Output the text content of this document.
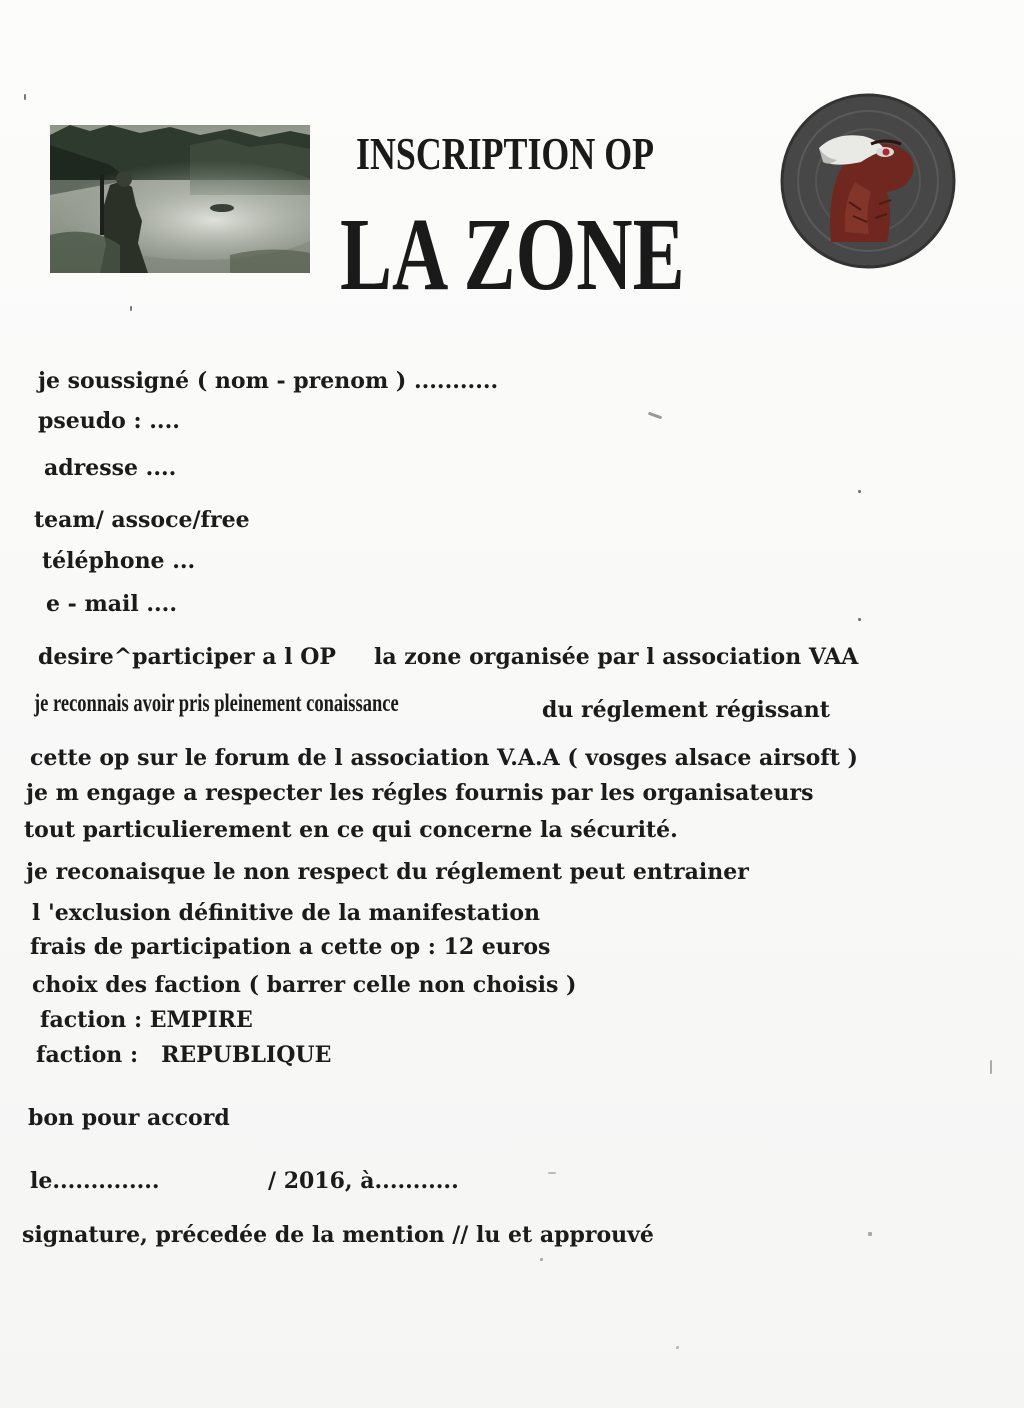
INSCRIPTION OP
LA ZONE
je soussigné ( nom - prenom ) ...........
pseudo : ....
adresse ....
team/ assoce/free
téléphone ...
e - mail ....
desire^participer a l OP la zone organisée par l association VAA
je reconnais avoir pris pleinement conaissance	du réglement régissant
cette op sur le forum de l association V.A.A ( vosges alsace airsoft )
je m engage a respecter les régles fournis par les organisateurs
tout particulierement en ce qui concerne la sécurité.
je reconaisque le non respect du réglement peut entrainer
l 'exclusion définitive de la manifestation
frais de participation a cette op : 12 euros
choix des faction ( barrer celle non choisis )
faction : EMPIRE
faction : REPUBLIQUE
bon pour accord
le..............	/ 2016, à...........
signature, précedée de la mention // lu et approuvé
